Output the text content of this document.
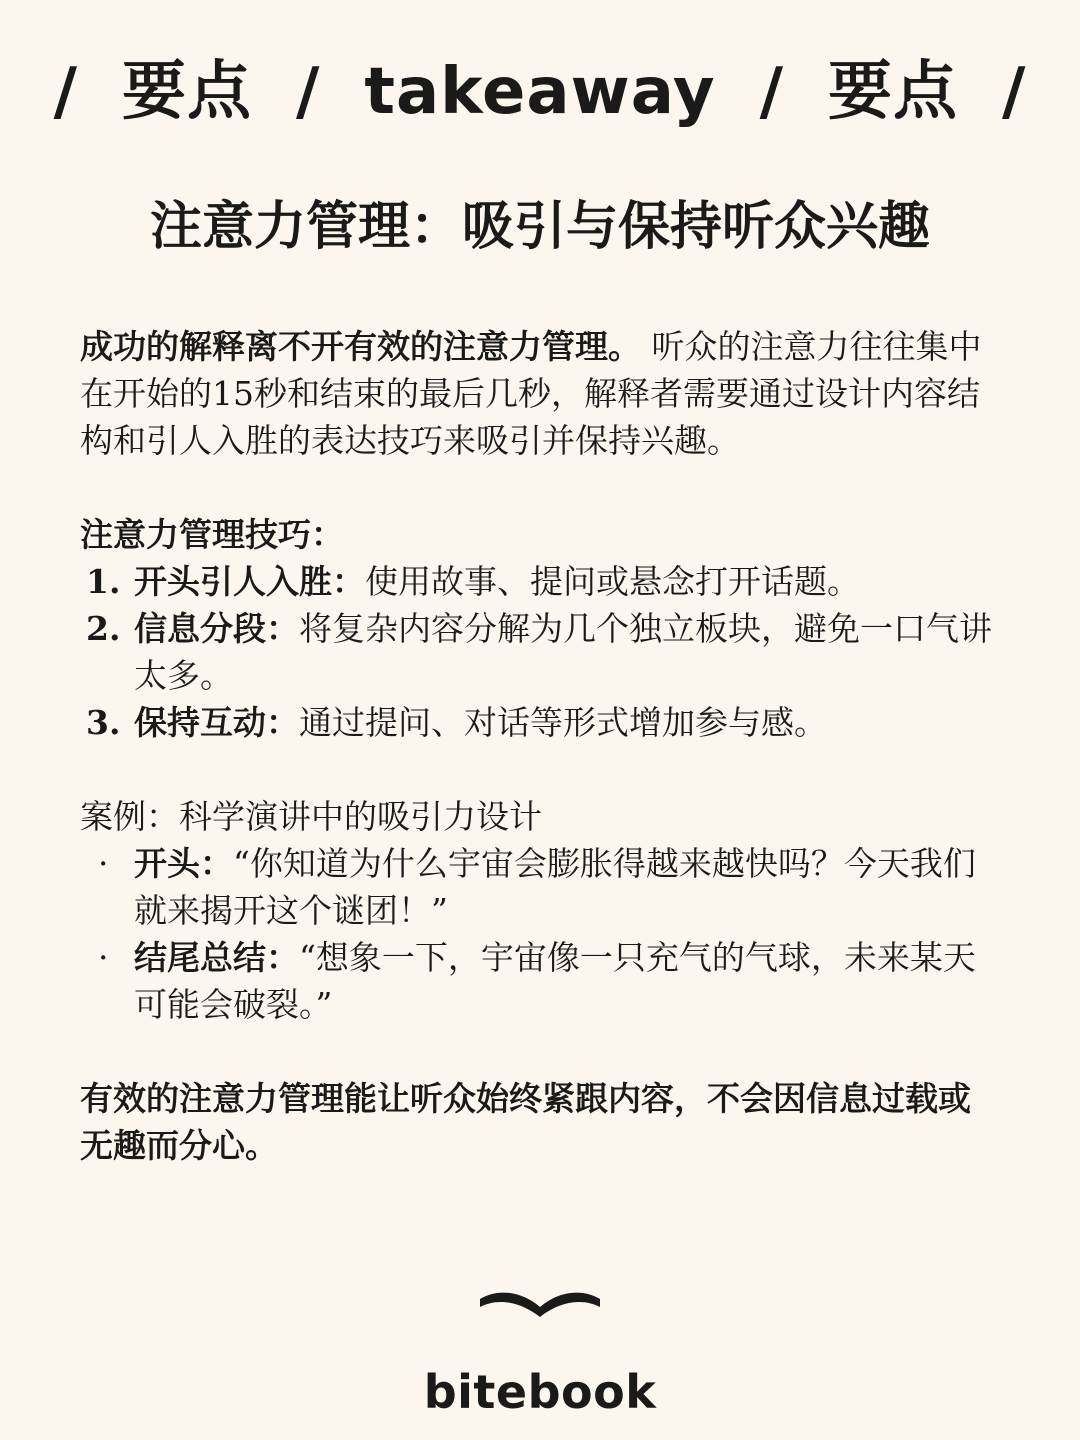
/ 要点 / takeaway / 要点 /
注意力管理：吸引与保持听众兴趣

成功的解释离不开有效的注意力管理。 听众的注意力往往集中在开始的15秒和结束的最后几秒，解释者需要通过设计内容结构和引人入胜的表达技巧来吸引并保持兴趣。

注意力管理技巧：
1. 开头引人入胜：使用故事、提问或悬念打开话题。
2. 信息分段：将复杂内容分解为几个独立板块，避免一口气讲太多。
3. 保持互动：通过提问、对话等形式增加参与感。
案例：科学演讲中的吸引力设计
· 开头：“你知道为什么宇宙会膨胀得越来越快吗？今天我们就来揭开这个谜团！”
· 结尾总结：“想象一下，宇宙像一只充气的气球，未来某天可能会破裂。”

有效的注意力管理能让听众始终紧跟内容，不会因信息过载或无趣而分心。

bitebook
